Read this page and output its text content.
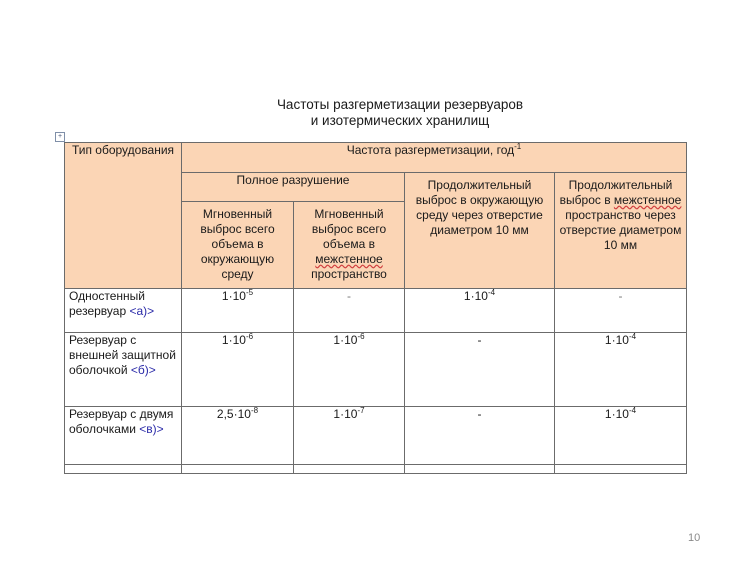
Частоты разгерметизации резервуаров
и изотермических хранилищ
+
Тип оборудования	Частота разгерметизации, год$^{-1}$
	Полное разрушение		Продолжительный выброс в окружающую среду через отверстие диаметром 10 мм	Продолжительный выброс в межстенное пространство через отверстие диаметром 10 мм
	Мгновенный выброс всего объема в окружающую среду	Мгновенный выброс всего объема в межстенное пространство		
Одностенный резервуар <а)>	$1\cdot 10^{-5}$	-	$1\cdot 10^{-4}$	-
Резервуар с внешней защитной оболочкой <б)>	$1\cdot 10^{-6}$	$1\cdot 10^{-6}$	-	$1\cdot 10^{-4}$
Резервуар с двумя оболочками <в)>	$2,5\cdot 10^{-8}$	$1\cdot 10^{-7}$	-	$1\cdot 10^{-4}$

10
